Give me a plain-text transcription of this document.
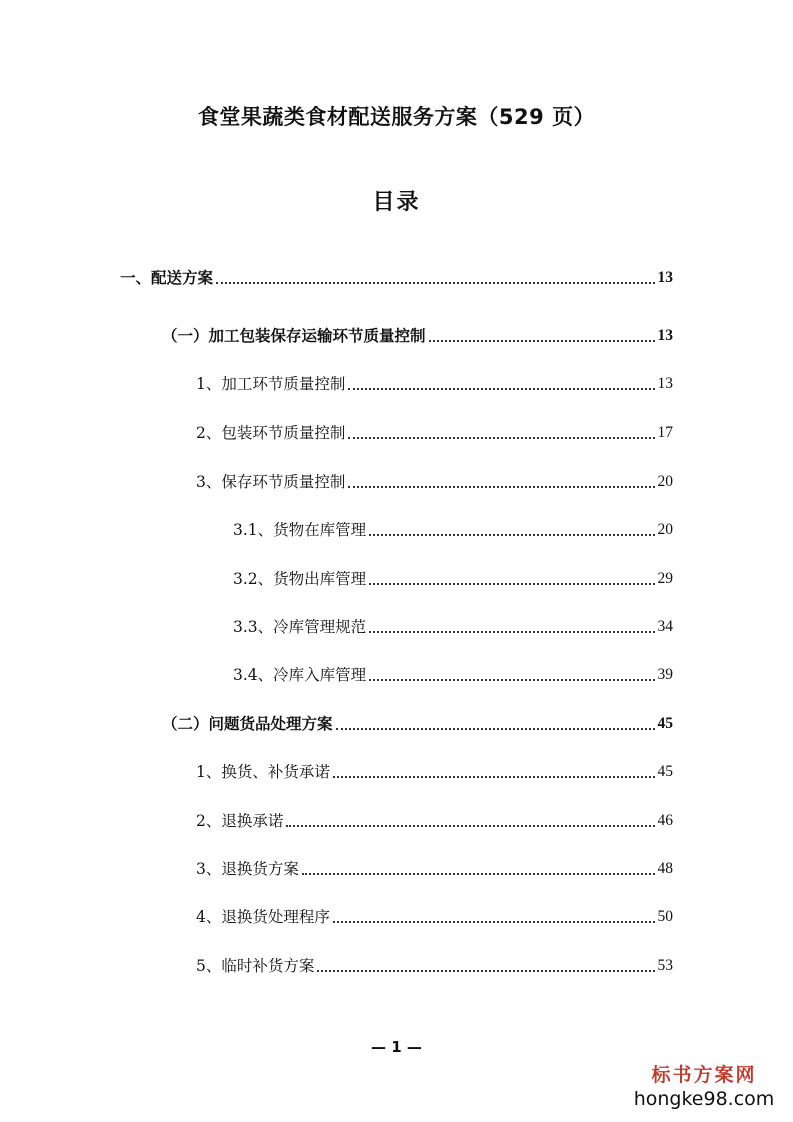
食堂果蔬类食材配送服务方案（529 页）
目录
一、配送方案	13
（一）加工包装保存运输环节质量控制	13
1、加工环节质量控制	13
2、包装环节质量控制	17
3、保存环节质量控制	20
3.1、货物在库管理	20
3.2、货物出库管理	29
3.3、冷库管理规范	34
3.4、冷库入库管理	39
（二）问题货品处理方案	45
1、换货、补货承诺	45
2、退换承诺	46
3、退换货方案	48
4、退换货处理程序	50
5、临时补货方案	53
— 1 —
标书方案网
hongke98.com
